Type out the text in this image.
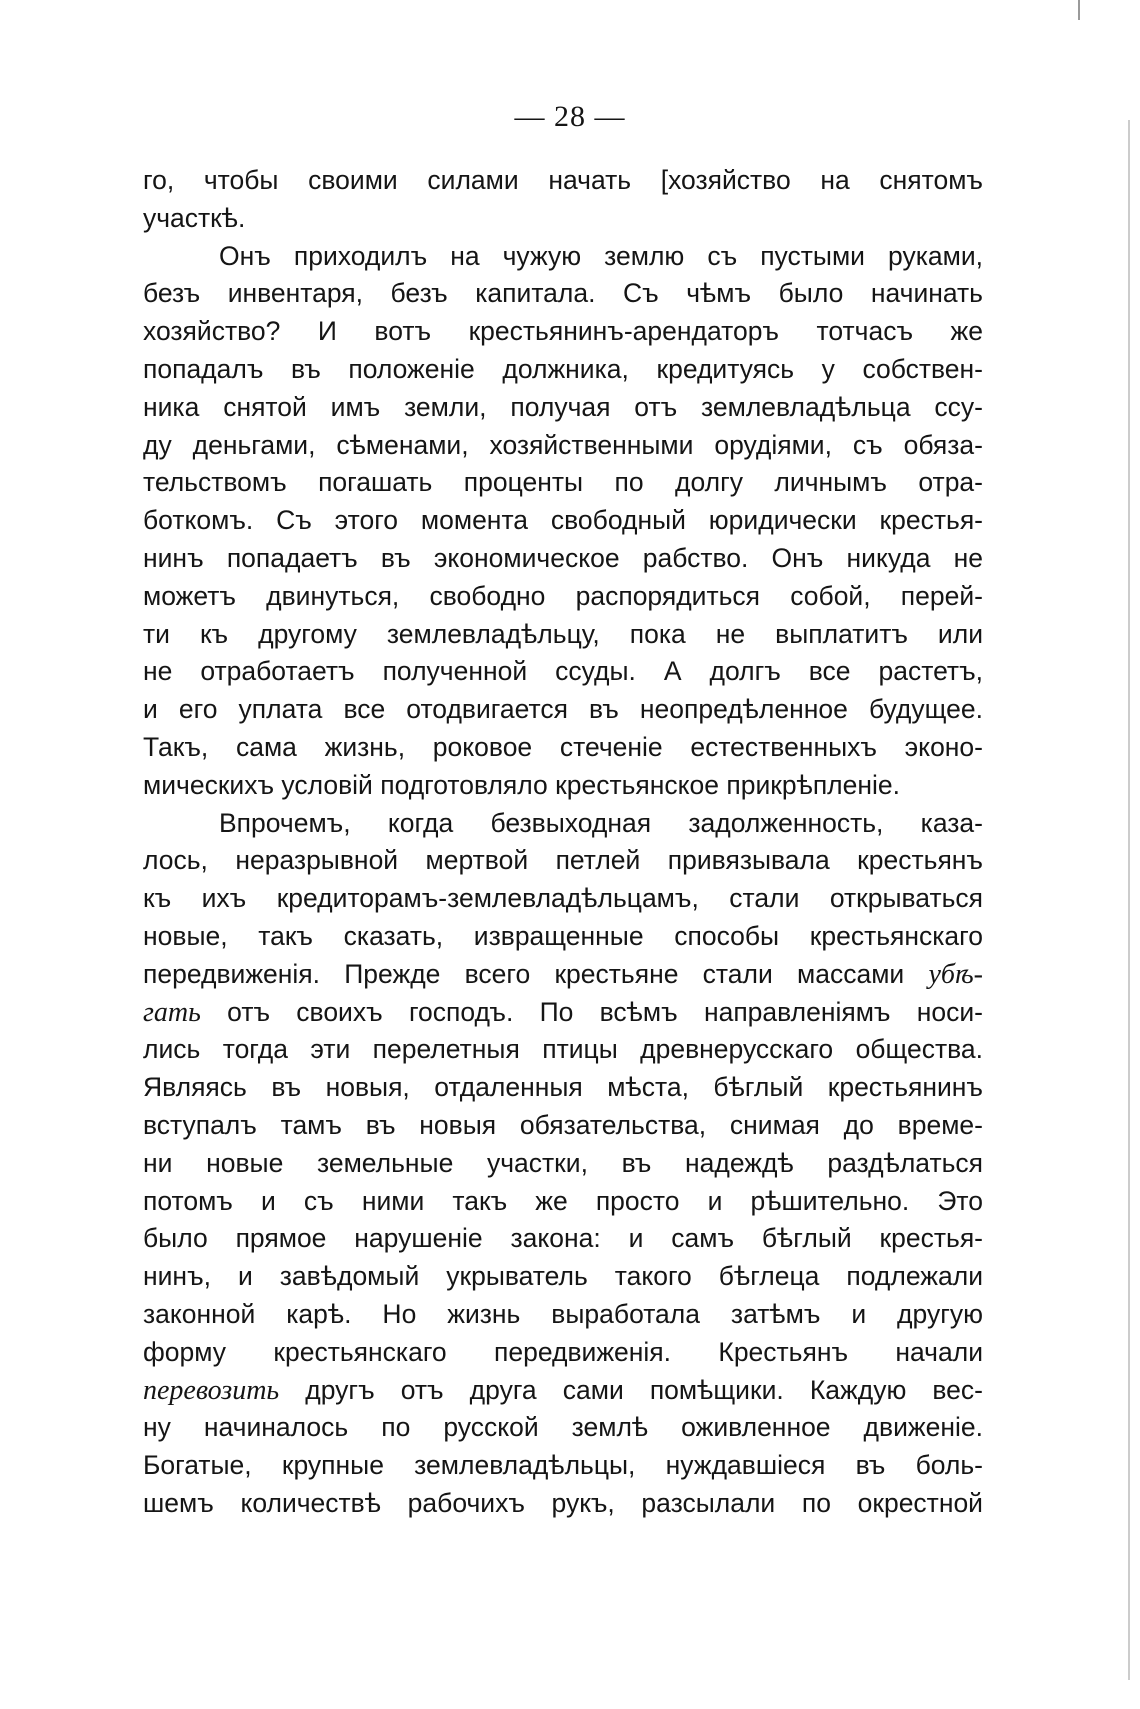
— 28 —
го, чтобы своими силами начать [хозяйство на снятомъ
участкѣ.
Онъ приходилъ на чужую землю съ пустыми руками,
безъ инвентаря, безъ капитала. Съ чѣмъ было начинать
хозяйство? И вотъ крестьянинъ-арендаторъ тотчасъ же
попадалъ въ положеніе должника, кредитуясь у собствен-
ника снятой имъ земли, получая отъ землевладѣльца ссу-
ду деньгами, сѣменами, хозяйственными орудіями, съ обяза-
тельствомъ погашать проценты по долгу личнымъ отра-
боткомъ. Съ этого момента свободный юридически крестья-
нинъ попадаетъ въ экономическое рабство. Онъ никуда не
можетъ двинуться, свободно распорядиться собой, перей-
ти къ другому землевладѣльцу, пока не выплатитъ или
не отработаетъ полученной ссуды. А долгъ все растетъ,
и его уплата все отодвигается въ неопредѣленное будущее.
Такъ, сама жизнь, роковое стеченіе естественныхъ эконо-
мическихъ условій подготовляло крестьянское прикрѣпленіе.
Впрочемъ, когда безвыходная задолженность, каза-
лось, неразрывной мертвой петлей привязывала крестьянъ
къ ихъ кредиторамъ-землевладѣльцамъ, стали открываться
новые, такъ сказать, извращенные способы крестьянскаго
передвиженія. Прежде всего крестьяне стали массами убѣ-
гать отъ своихъ господъ. По всѣмъ направленіямъ носи-
лись тогда эти перелетныя птицы древнерусскаго общества.
Являясь въ новыя, отдаленныя мѣста, бѣглый крестьянинъ
вступалъ тамъ въ новыя обязательства, снимая до време-
ни новые земельные участки, въ надеждѣ раздѣлаться
потомъ и съ ними такъ же просто и рѣшительно. Это
было прямое нарушеніе закона: и самъ бѣглый крестья-
нинъ, и завѣдомый укрыватель такого бѣглеца подлежали
законной карѣ. Но жизнь выработала затѣмъ и другую
форму крестьянскаго передвиженія. Крестьянъ начали
перевозить другъ отъ друга сами помѣщики. Каждую вес-
ну начиналось по русской землѣ оживленное движеніе.
Богатые, крупные землевладѣльцы, нуждавшіеся въ боль-
шемъ количествѣ рабочихъ рукъ, разсылали по окрестной
